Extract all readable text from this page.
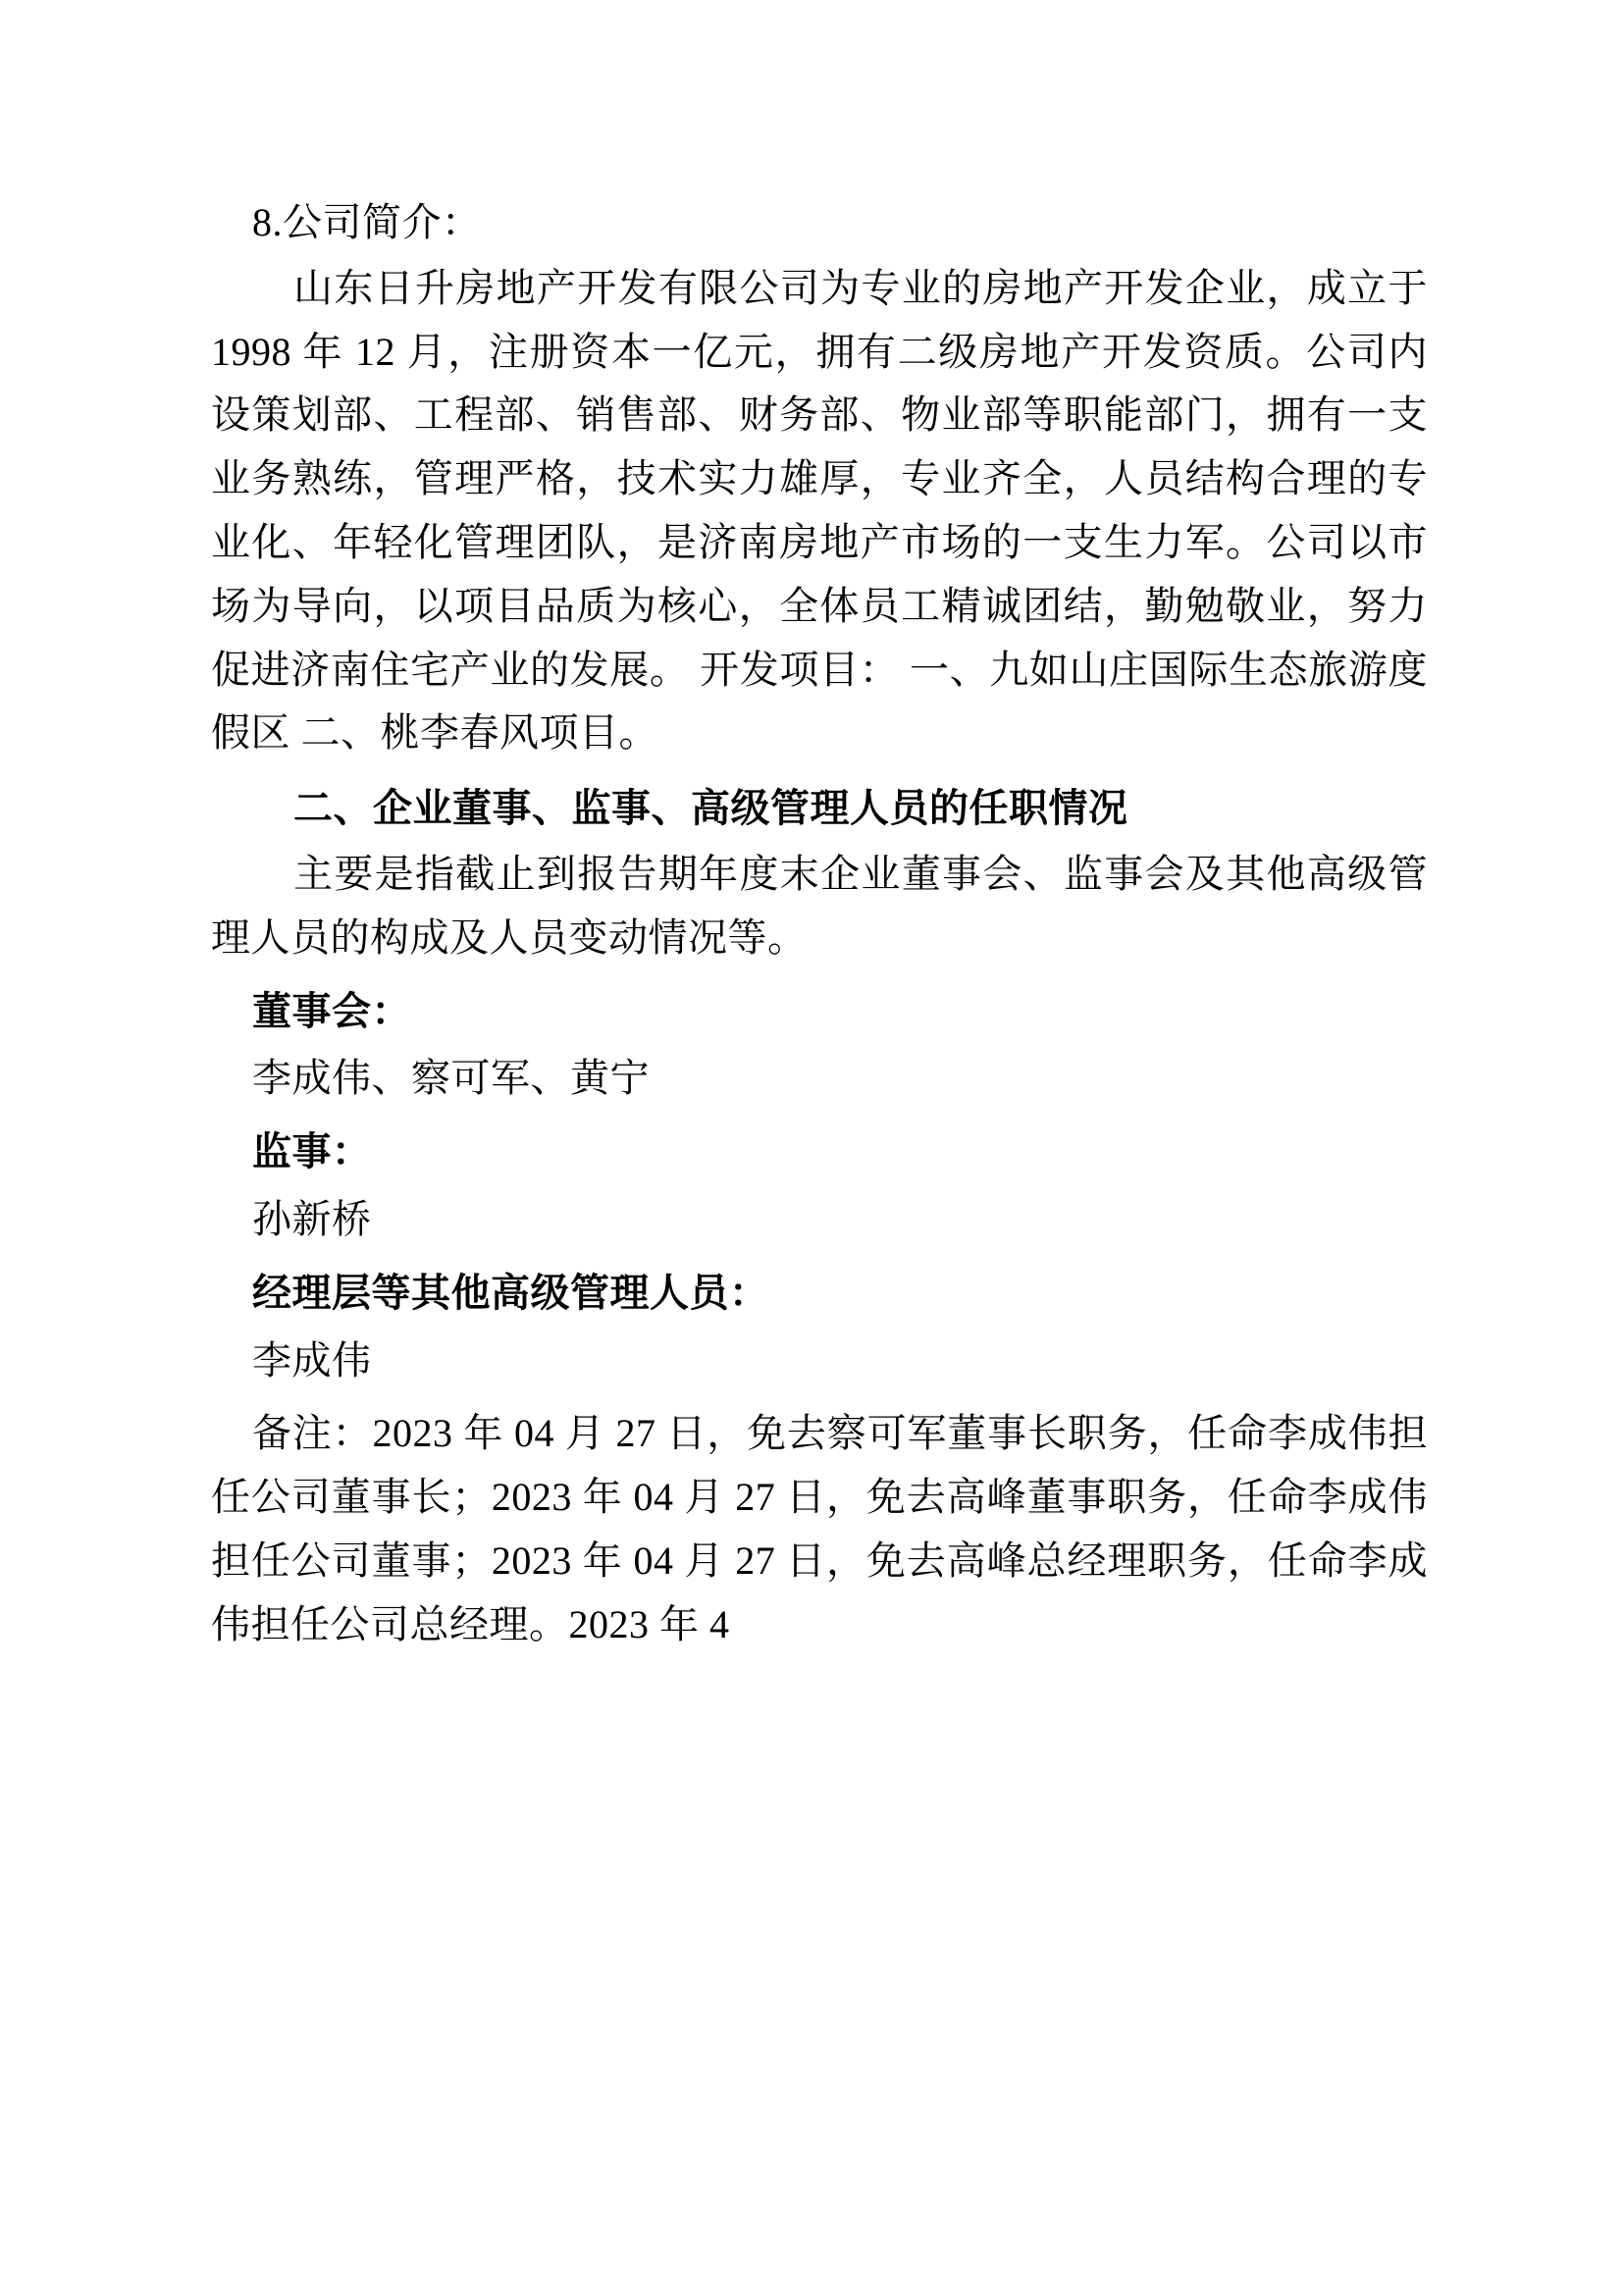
8.公司简介：

山东日升房地产开发有限公司为专业的房地产开发企业，成立于 1998 年 12 月，注册资本一亿元，拥有二级房地产开发资质。公司内设策划部、工程部、销售部、财务部、物业部等职能部门，拥有一支业务熟练，管理严格，技术实力雄厚，专业齐全，人员结构合理的专业化、年轻化管理团队，是济南房地产市场的一支生力军。公司以市场为导向，以项目品质为核心，全体员工精诚团结，勤勉敬业，努力促进济南住宅产业的发展。 开发项目： 一、九如山庄国际生态旅游度假区 二、桃李春风项目。

二、企业董事、监事、高级管理人员的任职情况

主要是指截止到报告期年度末企业董事会、监事会及其他高级管理人员的构成及人员变动情况等。

董事会：

李成伟、察可军、黄宁

监事：

孙新桥

经理层等其他高级管理人员：

李成伟

备注：2023 年 04 月 27 日，免去察可军董事长职务，任命李成伟担任公司董事长；2023 年 04 月 27 日，免去高峰董事职务，任命李成伟担任公司董事；2023 年 04 月 27 日，免去高峰总经理职务，任命李成伟担任公司总经理。2023 年 4
